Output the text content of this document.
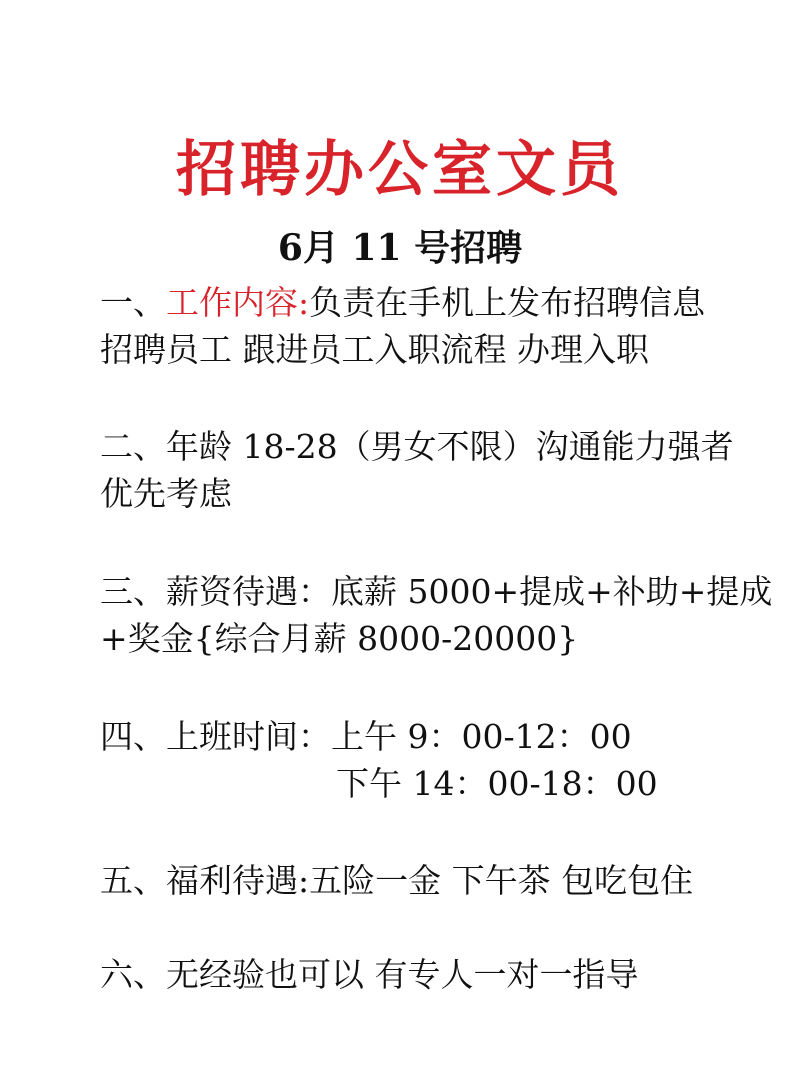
招聘办公室文员
6月 11 号招聘
一、工作内容:负责在手机上发布招聘信息
招聘员工 跟进员工入职流程 办理入职
二、年龄 18-28（男女不限）沟通能力强者
优先考虑
三、薪资待遇：底薪 5000+提成+补助+提成
+奖金{综合月薪 8000-20000}
四、上班时间：上午 9：00-12：00
下午 14：00-18：00
五、福利待遇:五险一金 下午茶 包吃包住
六、无经验也可以 有专人一对一指导
